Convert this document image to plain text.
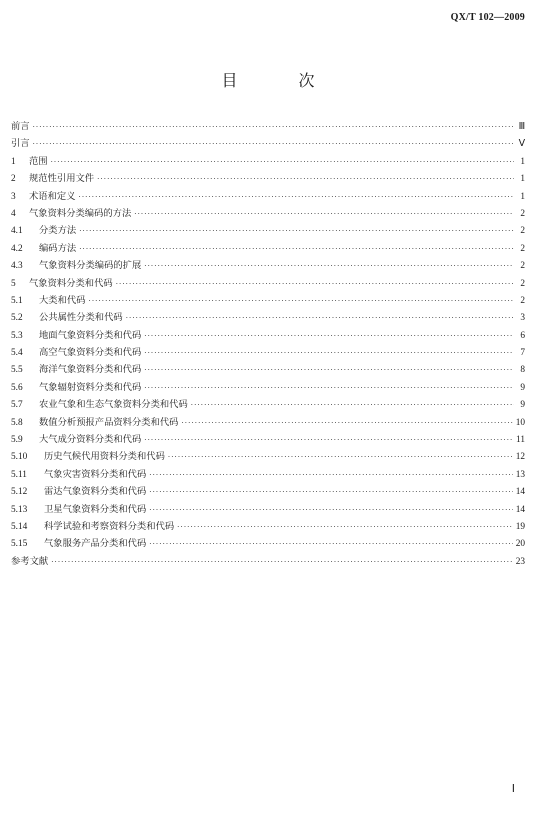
QX/T 102—2009
目 次
前言 ·····	Ⅲ
引言 ·····	Ⅴ
1	范围 ·····	1
2	规范性引用文件 ·····	1
3	术语和定义 ·····	1
4	气象资料分类编码的方法 ·····	2
4.1	分类方法 ·····	2
4.2	编码方法 ·····	2
4.3	气象资料分类编码的扩展 ·····	2
5	气象资料分类和代码 ·····	2
5.1	大类和代码 ·····	2
5.2	公共属性分类和代码 ·····	3
5.3	地面气象资料分类和代码 ·····	6
5.4	高空气象资料分类和代码 ·····	7
5.5	海洋气象资料分类和代码 ·····	8
5.6	气象辐射资料分类和代码 ·····	9
5.7	农业气象和生态气象资料分类和代码 ·····	9
5.8	数值分析预报产品资料分类和代码 ·····	10
5.9	大气成分资料分类和代码 ·····	11
5.10	历史气候代用资料分类和代码 ·····	12
5.11	气象灾害资料分类和代码 ·····	13
5.12	雷达气象资料分类和代码 ·····	14
5.13	卫星气象资料分类和代码 ·····	14
5.14	科学试验和考察资料分类和代码 ·····	19
5.15	气象服务产品分类和代码 ·····	20
参考文献 ·····	23
Ⅰ
